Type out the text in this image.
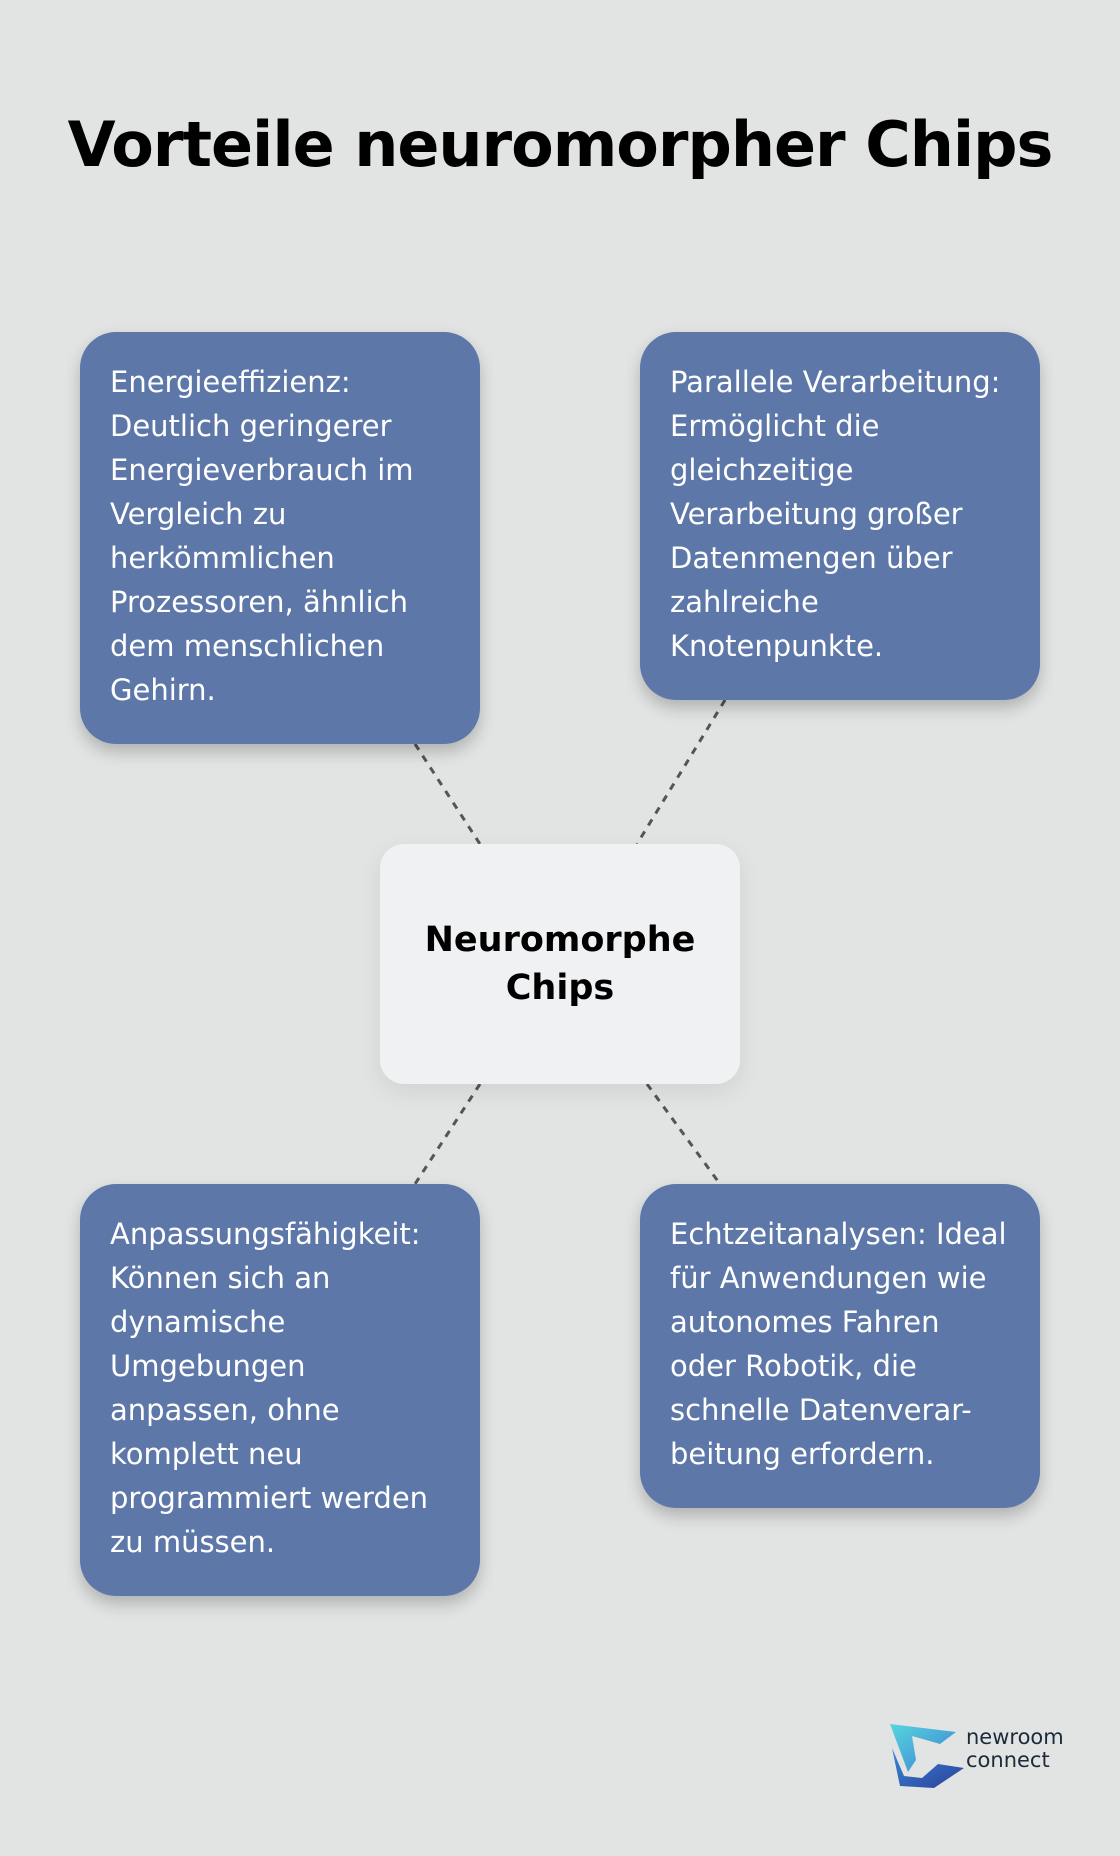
Vorteile neuromorpher Chips
Energieeffizienz: Deutlich geringerer Energieverbrauch im Vergleich zu herkömmlichen Prozessoren, ähnlich dem menschlichen Gehirn.
Parallele Verarbeitung: Ermöglicht die gleichzeitige Verarbeitung großer Datenmengen über zahlreiche Knotenpunkte.
Neuromorphe Chips
Anpassungsfähigkeit: Können sich an dynamische Umgebungen anpassen, ohne komplett neu programmiert werden zu müssen.
Echtzeitanalysen: Ideal für Anwendungen wie autonomes Fahren oder Robotik, die schnelle Datenverar-beitung erfordern.

newroom
connect
